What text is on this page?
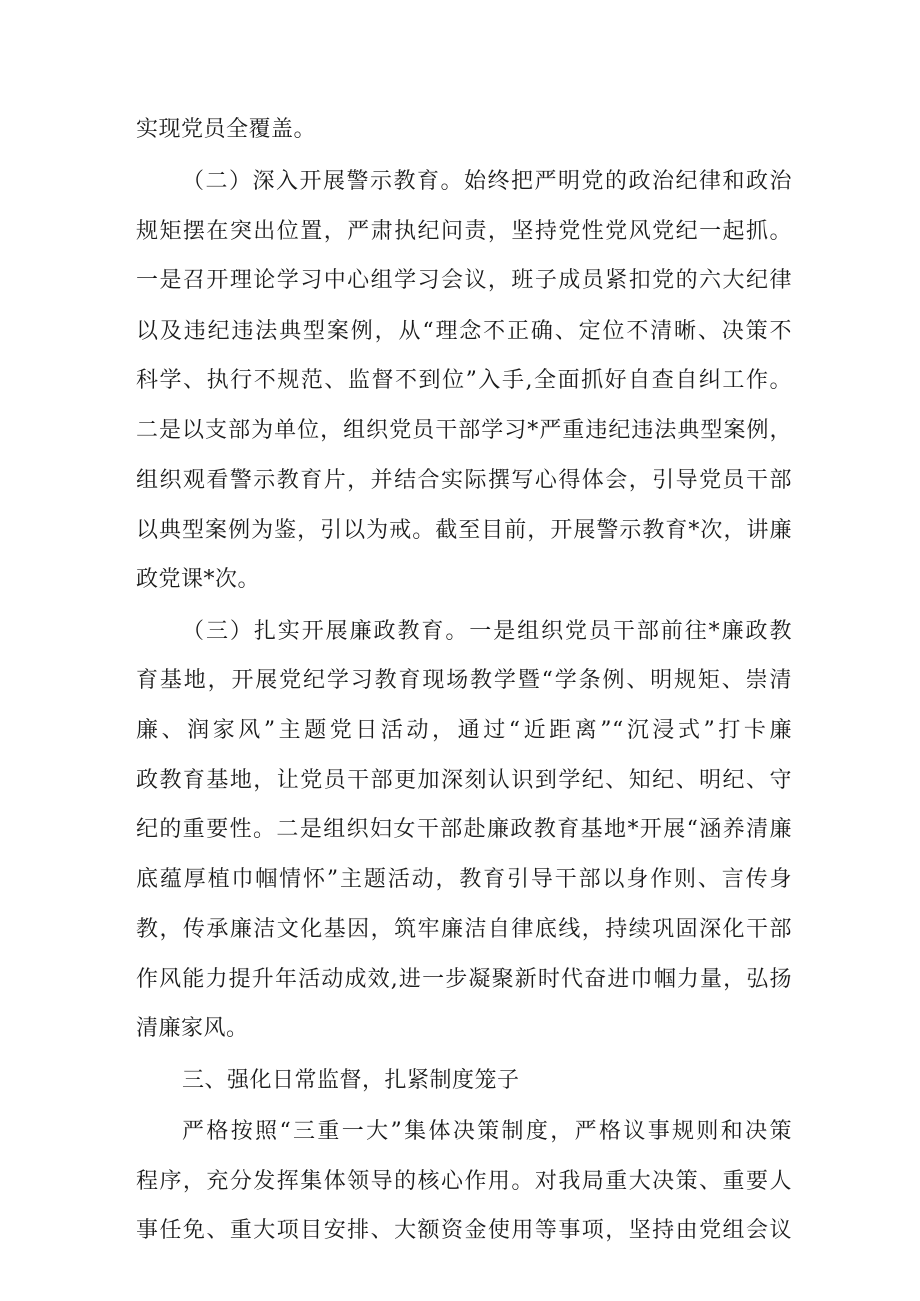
实现党员全覆盖。
（二）深入开展警示教育。始终把严明党的政治纪律和政治
规矩摆在突出位置，严肃执纪问责，坚持党性党风党纪一起抓。
一是召开理论学习中心组学习会议，班子成员紧扣党的六大纪律
以及违纪违法典型案例，从“理念不正确、定位不清晰、决策不
科学、执行不规范、监督不到位”入手,全面抓好自查自纠工作。
二是以支部为单位，组织党员干部学习*严重违纪违法典型案例，
组织观看警示教育片，并结合实际撰写心得体会，引导党员干部
以典型案例为鉴，引以为戒。截至目前，开展警示教育*次，讲廉
政党课*次。
（三）扎实开展廉政教育。一是组织党员干部前往*廉政教
育基地，开展党纪学习教育现场教学暨“学条例、明规矩、崇清
廉、润家风”主题党日活动，通过“近距离”“沉浸式”打卡廉
政教育基地，让党员干部更加深刻认识到学纪、知纪、明纪、守
纪的重要性。二是组织妇女干部赴廉政教育基地*开展“涵养清廉
底蕴厚植巾帼情怀”主题活动，教育引导干部以身作则、言传身
教，传承廉洁文化基因，筑牢廉洁自律底线，持续巩固深化干部
作风能力提升年活动成效,进一步凝聚新时代奋进巾帼力量，弘扬
清廉家风。
三、强化日常监督，扎紧制度笼子
严格按照“三重一大”集体决策制度，严格议事规则和决策
程序，充分发挥集体领导的核心作用。对我局重大决策、重要人
事任免、重大项目安排、大额资金使用等事项，坚持由党组会议
